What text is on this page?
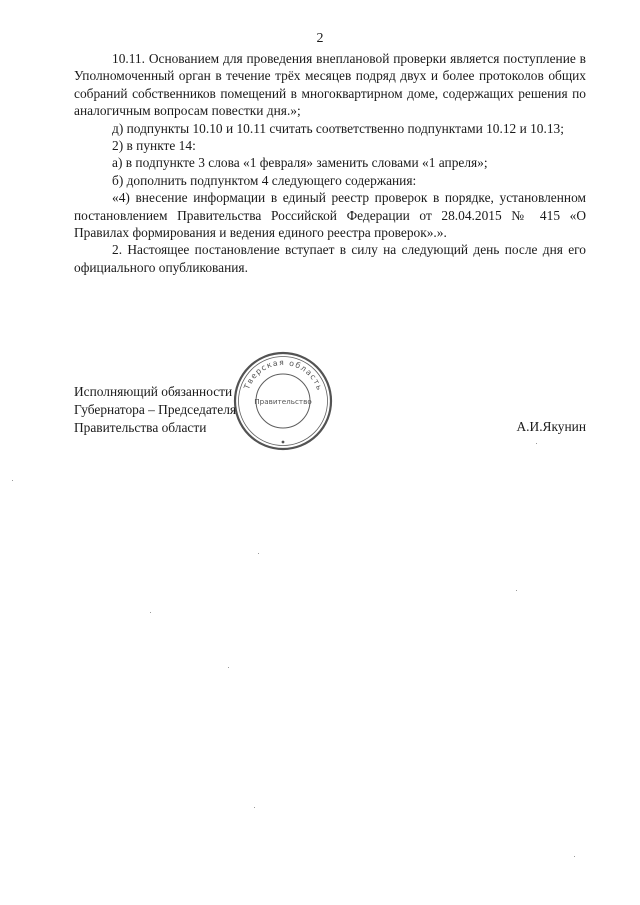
2

10.11. Основанием для проведения внеплановой проверки является поступление в Уполномоченный орган в течение трёх месяцев подряд двух и более протоколов общих собраний собственников помещений в многоквартирном доме, содержащих решения по аналогичным вопросам повестки дня.»;

д) подпункты 10.10 и 10.11 считать соответственно подпунктами 10.12 и 10.13;

2) в пункте 14:

а) в подпункте 3 слова «1 февраля» заменить словами «1 апреля»;

б) дополнить подпунктом 4 следующего содержания:

«4) внесение информации в единый реестр проверок в порядке, установленном постановлением Правительства Российской Федерации от 28.04.2015 № 415 «О Правилах формирования и ведения единого реестра проверок».».

2. Настоящее постановление вступает в силу на следующий день после дня его официального опубликования.

Исполняющий обязанности
Губернатора – Председателя
Правительства области	А.И.Якунин
Тверская область
Правительство
